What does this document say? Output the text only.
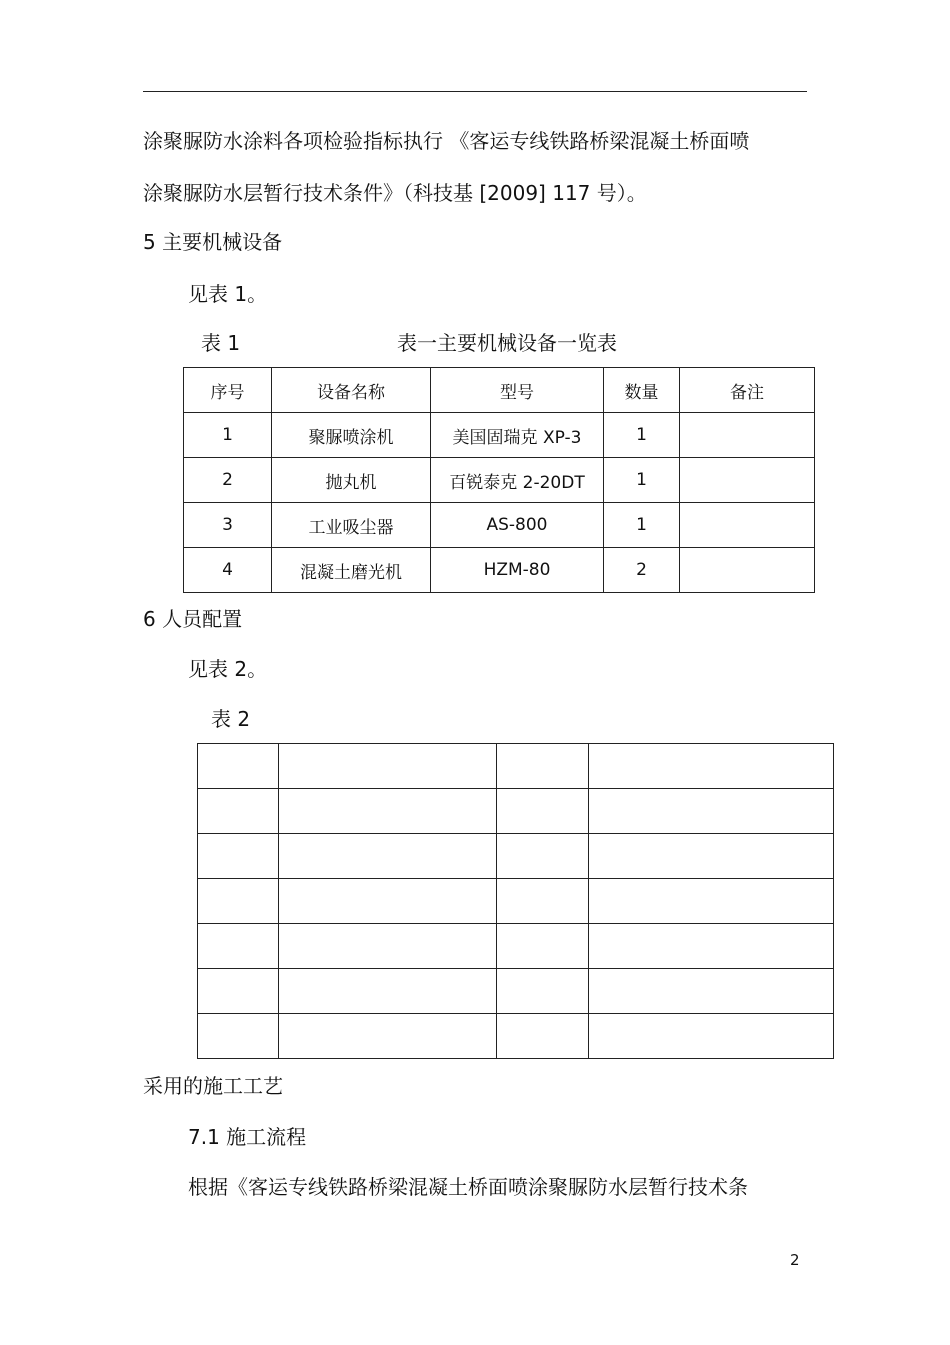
涂聚脲防水涂料各项检验指标执行 《客运专线铁路桥梁混凝土桥面喷
涂聚脲防水层暂行技术条件》（科技基 [2009] 117 号）。
5 主要机械设备
见表 1。
表 1	表一主要机械设备一览表
序号	设备名称	型号	数量	备注
1	聚脲喷涂机	美国固瑞克 XP-3	1	
2	抛丸机	百锐泰克 2-20DT	1	
3	工业吸尘器	AS-800	1	
4	混凝土磨光机	HZM-80	2	
6 人员配置
见表 2。
表 2

采用的施工工艺
7.1 施工流程
根据《客运专线铁路桥梁混凝土桥面喷涂聚脲防水层暂行技术条
2
